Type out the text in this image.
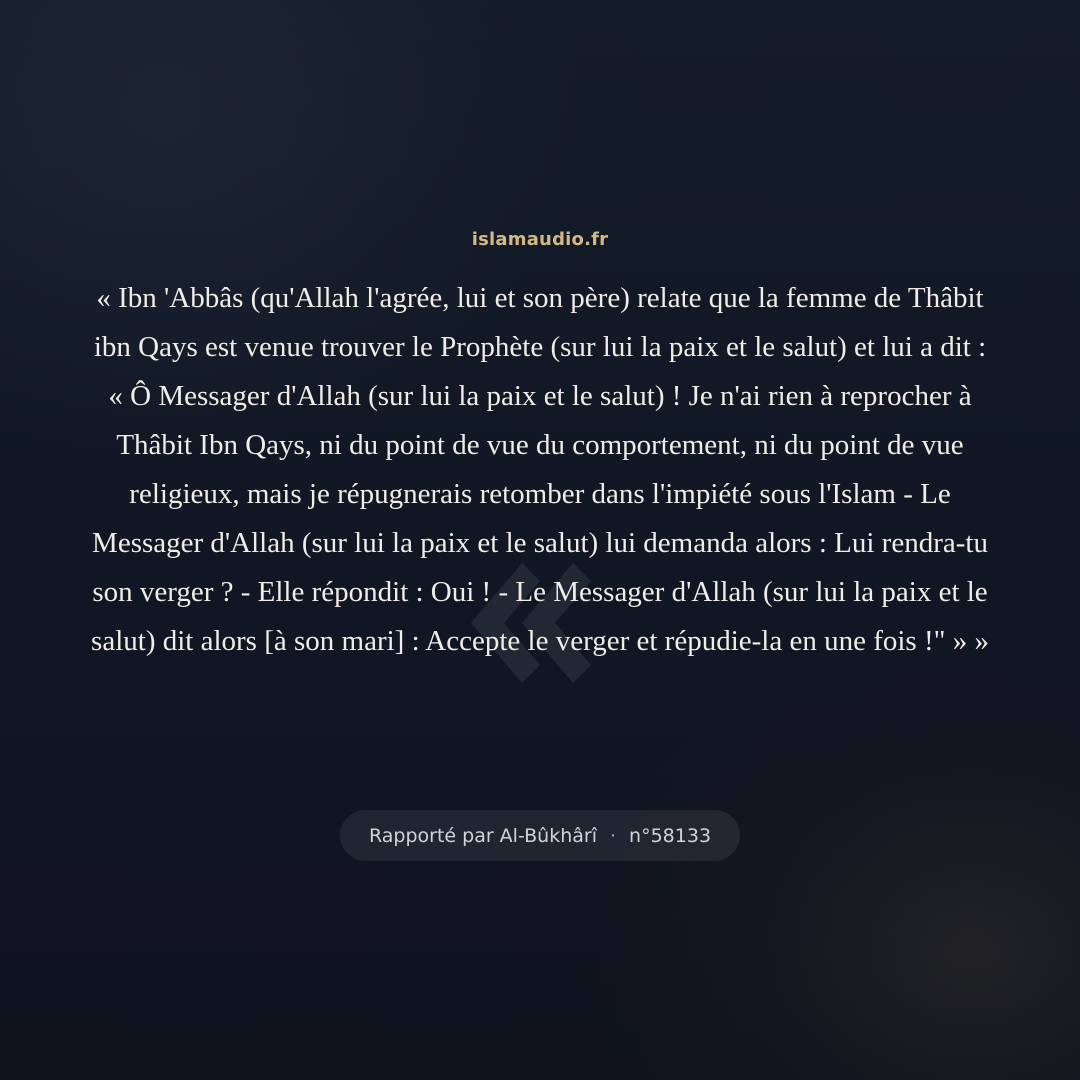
islamaudio.fr

« Ibn 'Abbâs (qu'Allah l'agrée, lui et son père) relate que la femme de Thâbit ibn Qays est venue trouver le Prophète (sur lui la paix et le salut) et lui a dit : « Ô Messager d'Allah (sur lui la paix et le salut) ! Je n'ai rien à reprocher à Thâbit Ibn Qays, ni du point de vue du comportement, ni du point de vue religieux, mais je répugnerais retomber dans l'impiété sous l'Islam - Le Messager d'Allah (sur lui la paix et le salut) lui demanda alors : Lui rendra-tu son verger ? - Elle répondit : Oui ! - Le Messager d'Allah (sur lui la paix et le salut) dit alors [à son mari] : Accepte le verger et répudie-la en une fois !" » »

Rapporté par Al-Bûkhârî · n°58133
